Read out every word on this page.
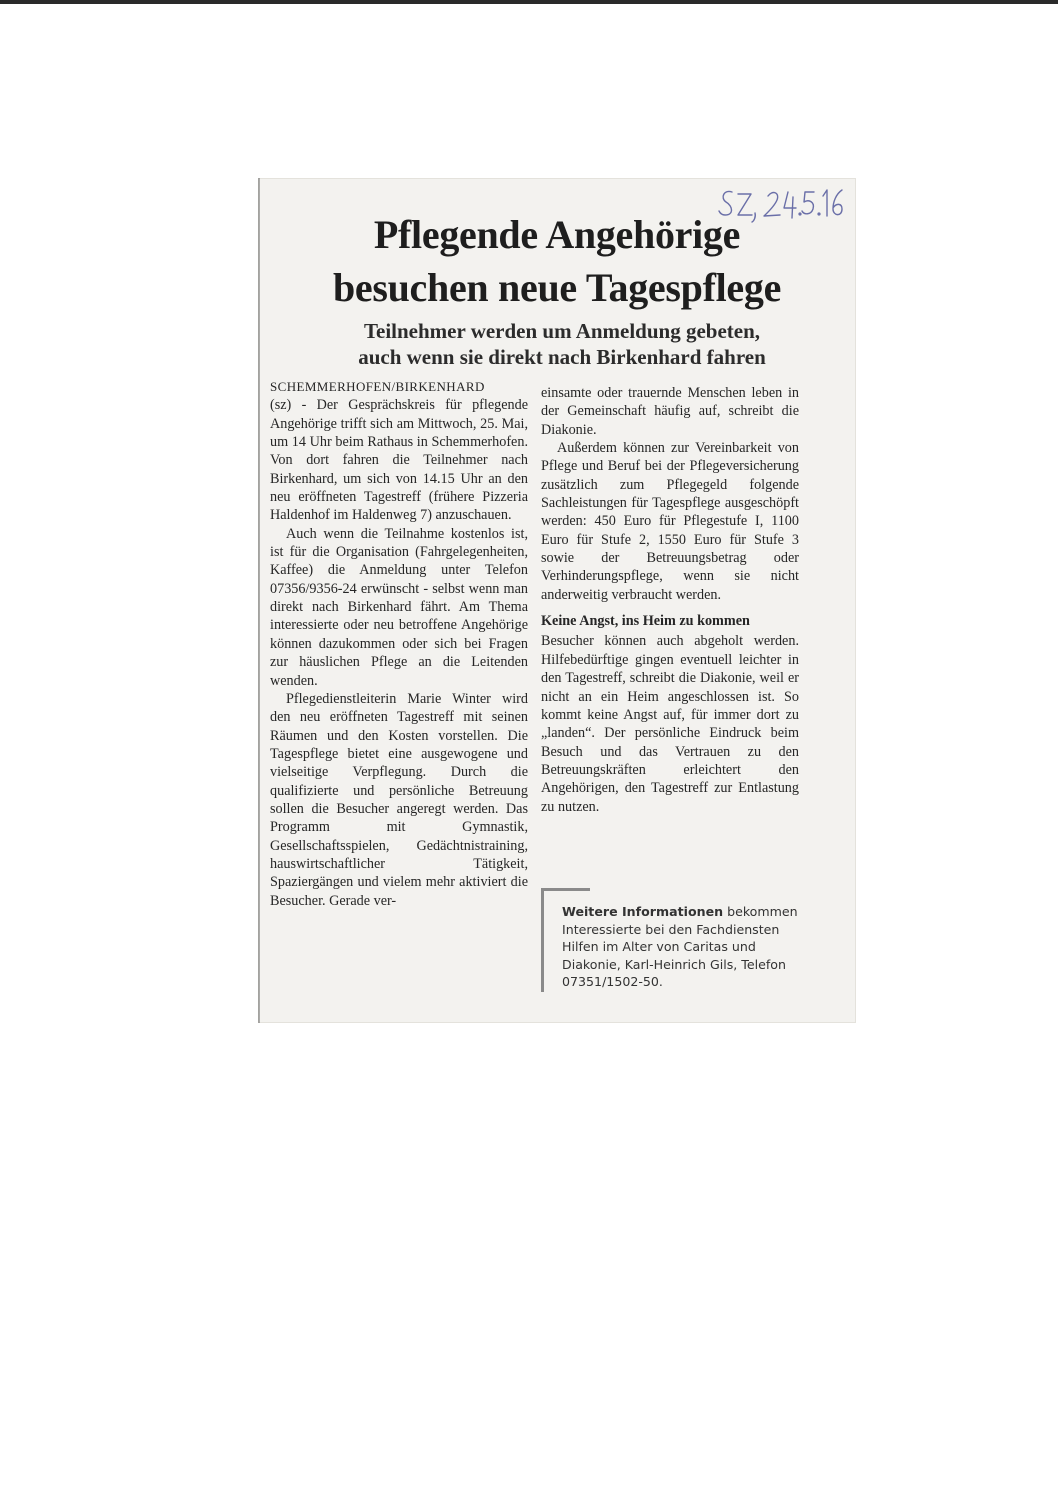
Pflegende Angehörige
besuchen neue Tagespflege
Teilnehmer werden um Anmeldung gebeten,
auch wenn sie direkt nach Birkenhard fahren

SCHEMMERHOFEN/BIRKENHARD

(sz) - Der Gesprächskreis für pflegende Angehörige trifft sich am Mittwoch, 25. Mai, um 14 Uhr beim Rathaus in Schemmerhofen. Von dort fahren die Teilnehmer nach Birkenhard, um sich von 14.15 Uhr an den neu eröffneten Tagestreff (frühere Pizzeria Haldenhof im Haldenweg 7) anzuschauen.

Auch wenn die Teilnahme kostenlos ist, ist für die Organisation (Fahrgelegenheiten, Kaffee) die Anmeldung unter Telefon 07356/9356-24 erwünscht - selbst wenn man direkt nach Birkenhard fährt. Am Thema interessierte oder neu betroffene Angehörige können dazukommen oder sich bei Fragen zur häuslichen Pflege an die Leitenden wenden.

Pflegedienstleiterin Marie Winter wird den neu eröffneten Tagestreff mit seinen Räumen und den Kosten vorstellen. Die Tagespflege bietet eine ausgewogene und vielseitige Verpflegung. Durch die qualifizierte und persönliche Betreuung sollen die Besucher angeregt werden. Das Programm mit Gymnastik, Gesellschaftsspielen, Gedächtnistraining, hauswirtschaftlicher Tätigkeit, Spaziergängen und vielem mehr aktiviert die Besucher. Gerade ver-

einsamte oder trauernde Menschen leben in der Gemeinschaft häufig auf, schreibt die Diakonie.

Außerdem können zur Vereinbarkeit von Pflege und Beruf bei der Pflegeversicherung zusätzlich zum Pflegegeld folgende Sachleistungen für Tagespflege ausgeschöpft werden: 450 Euro für Pflegestufe I, 1100 Euro für Stufe 2, 1550 Euro für Stufe 3 sowie der Betreuungsbetrag oder Verhinderungspflege, wenn sie nicht anderweitig verbraucht werden.

Keine Angst, ins Heim zu kommen

Besucher können auch abgeholt werden. Hilfebedürftige gingen eventuell leichter in den Tagestreff, schreibt die Diakonie, weil er nicht an ein Heim angeschlossen ist. So kommt keine Angst auf, für immer dort zu „landen“. Der persönliche Eindruck beim Besuch und das Vertrauen zu den Betreuungskräften erleichtert den Angehörigen, den Tagestreff zur Entlastung zu nutzen.

Weitere Informationen bekommen Interessierte bei den Fachdiensten Hilfen im Alter von Caritas und Diakonie, Karl-Heinrich Gils, Telefon 07351/1502-50.
